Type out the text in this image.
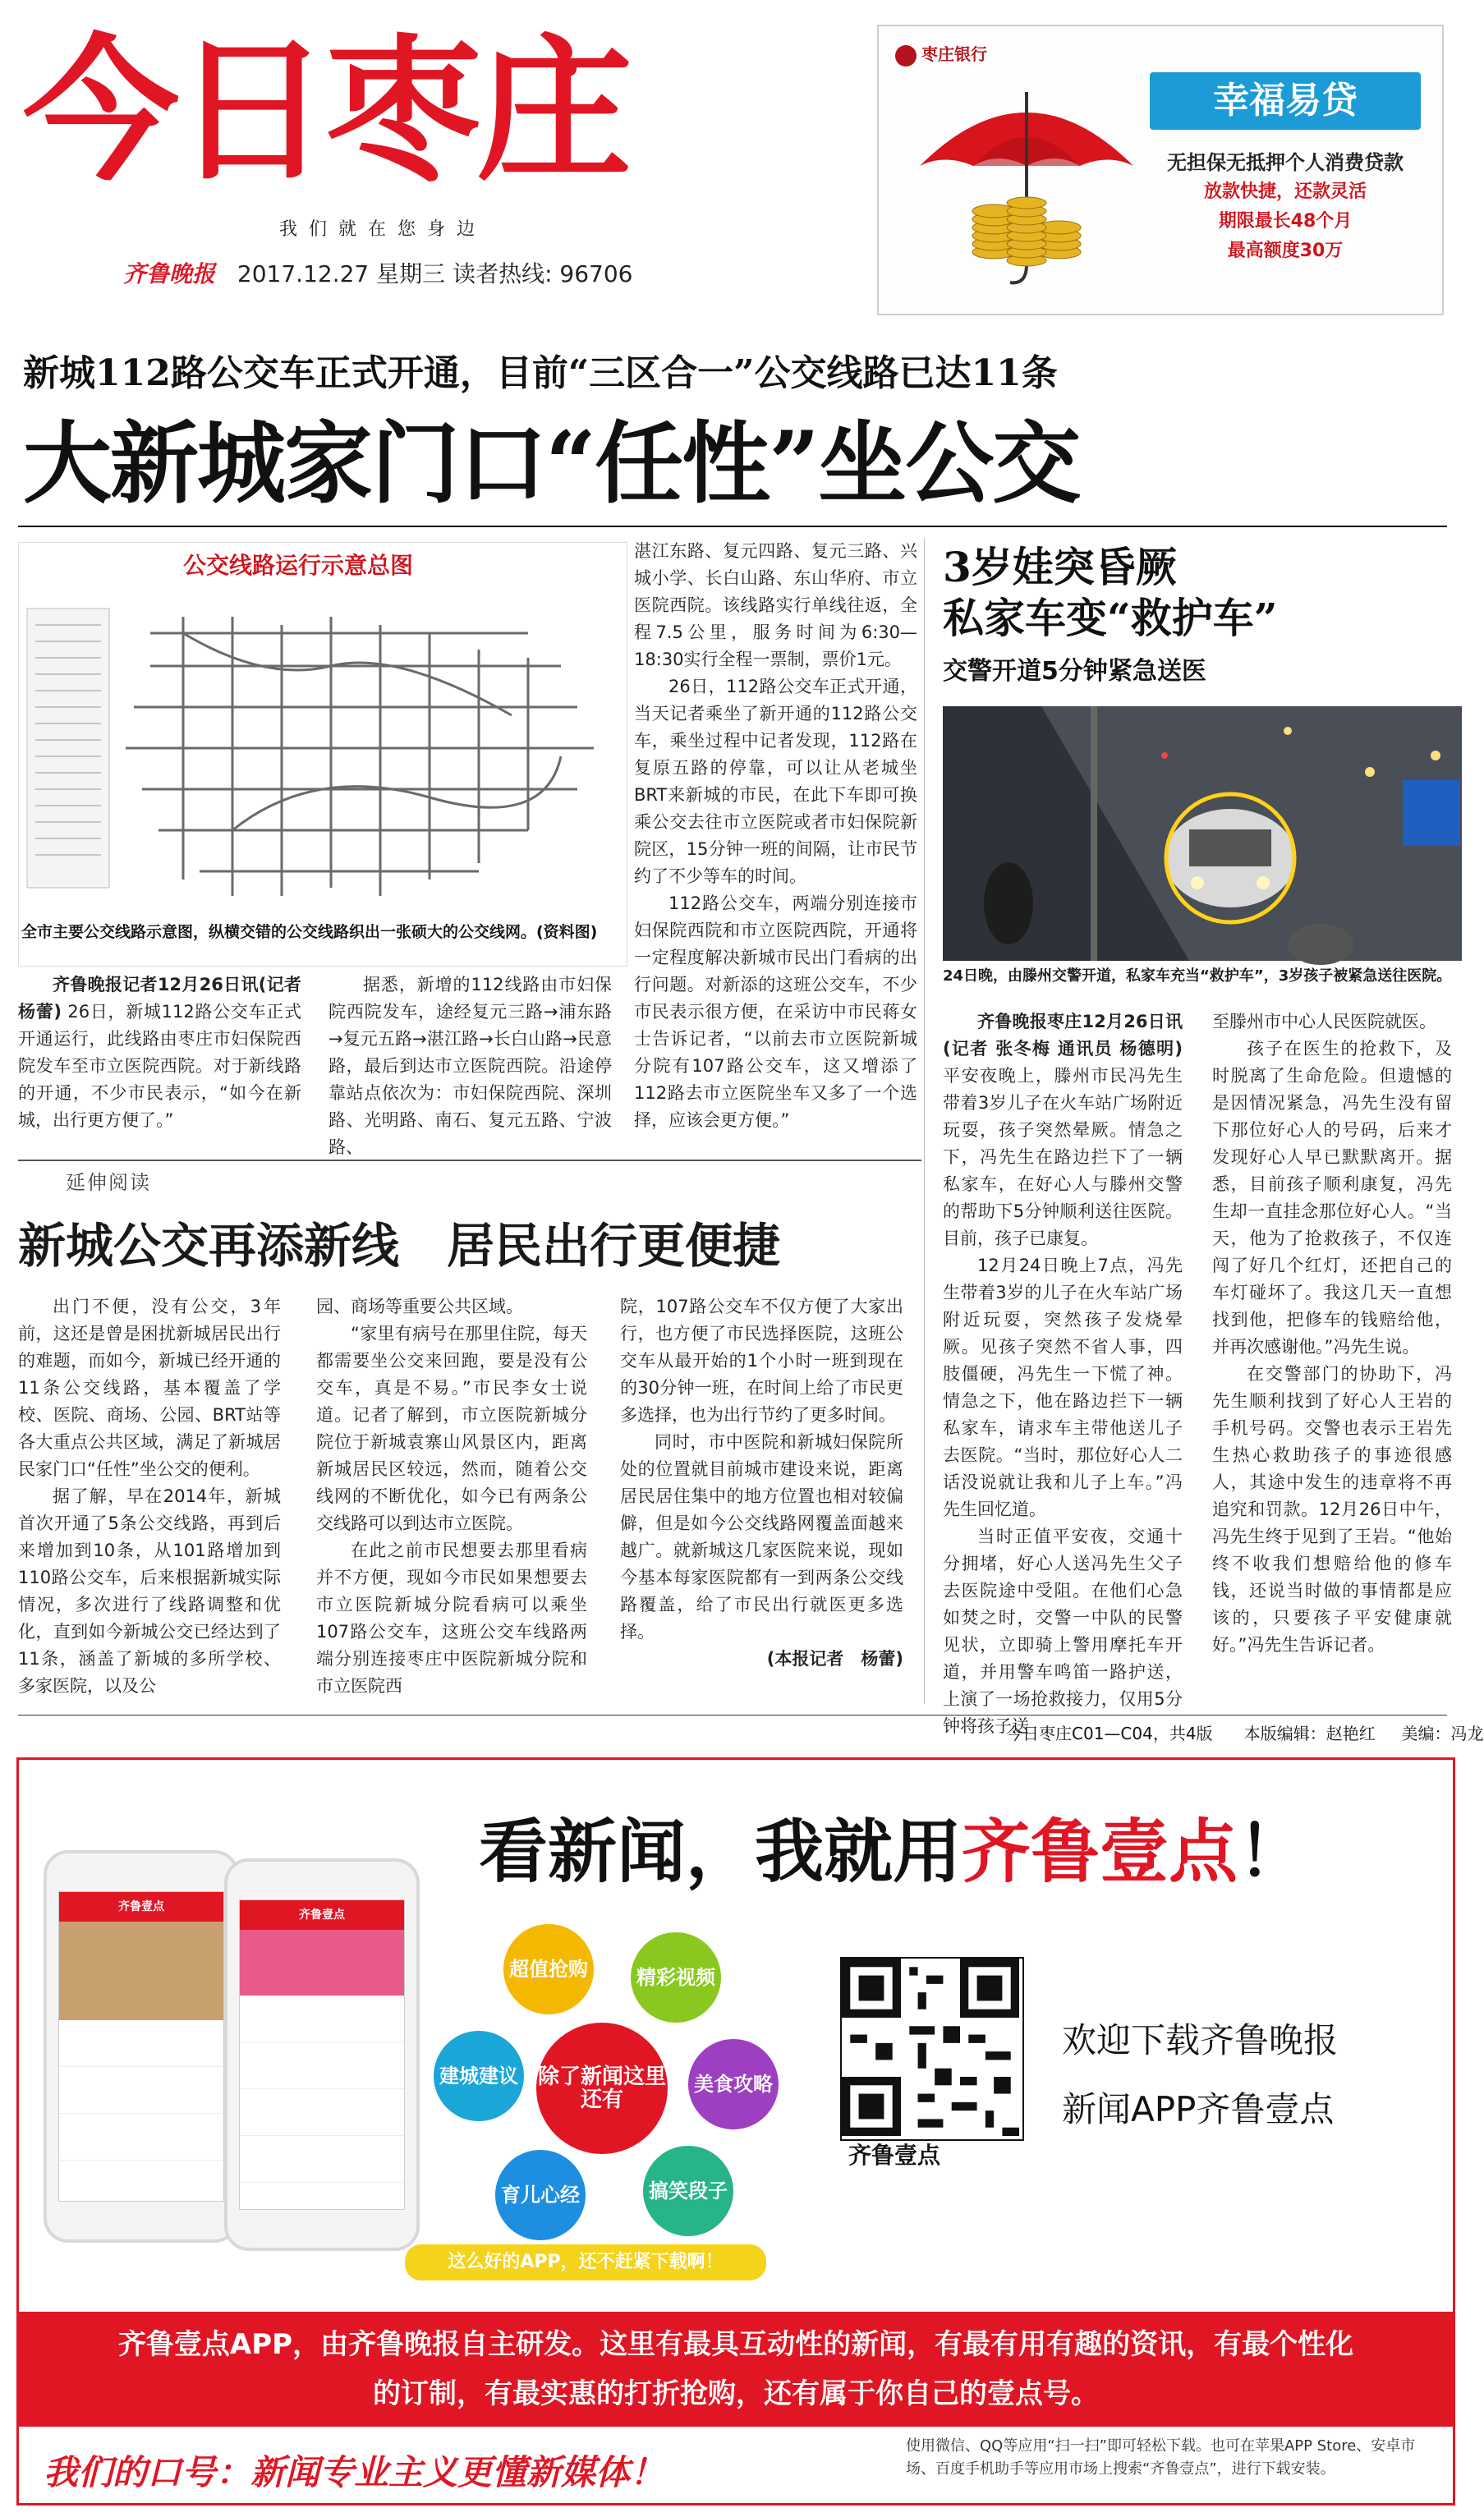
今日枣庄
我们就在您身边
齐鲁晚报 2017.12.27 星期三 读者热线: 96706
枣庄银行
幸福易贷
无担保无抵押个人消费贷款
放款快捷，还款灵活
期限最长48个月
最高额度30万
新城112路公交车正式开通，目前“三区合一”公交线路已达11条
大新城家门口“任性”坐公交
公交线路运行示意总图
全市主要公交线路示意图，纵横交错的公交线路织出一张硕大的公交线网。(资料图)

齐鲁晚报记者12月26日讯(记者 杨蕾) 26日，新城112路公交车正式开通运行，此线路由枣庄市妇保院西院发车至市立医院西院。对于新线路的开通，不少市民表示，“如今在新城，出行更方便了。”

据悉，新增的112线路由市妇保院西院发车，途经复元三路→浦东路→复元五路→湛江路→长白山路→民意路，最后到达市立医院西院。沿途停靠站点依次为：市妇保院西院、深圳路、光明路、南石、复元五路、宁波路、

湛江东路、复元四路、复元三路、兴城小学、长白山路、东山华府、市立医院西院。该线路实行单线往返，全程7.5公里，服务时间为6:30—18:30实行全程一票制，票价1元。

26日，112路公交车正式开通，当天记者乘坐了新开通的112路公交车，乘坐过程中记者发现，112路在复原五路的停靠，可以让从老城坐BRT来新城的市民，在此下车即可换乘公交去往市立医院或者市妇保院新院区，15分钟一班的间隔，让市民节约了不少等车的时间。

112路公交车，两端分别连接市妇保院西院和市立医院西院，开通将一定程度解决新城市民出门看病的出行问题。对新添的这班公交车，不少市民表示很方便，在采访中市民蒋女士告诉记者，“以前去市立医院新城分院有107路公交车，这又增添了112路去市立医院坐车又多了一个选择，应该会更方便。”

3岁娃突昏厥
私家车变“救护车”
交警开道5分钟紧急送医
24日晚，由滕州交警开道，私家车充当“救护车”，3岁孩子被紧急送往医院。

齐鲁晚报枣庄12月26日讯(记者 张冬梅 通讯员 杨德明)平安夜晚上，滕州市民冯先生带着3岁儿子在火车站广场附近玩耍，孩子突然晕厥。情急之下，冯先生在路边拦下了一辆私家车，在好心人与滕州交警的帮助下5分钟顺利送往医院。目前，孩子已康复。

12月24日晚上7点，冯先生带着3岁的儿子在火车站广场附近玩耍，突然孩子发烧晕厥。见孩子突然不省人事，四肢僵硬，冯先生一下慌了神。情急之下，他在路边拦下一辆私家车，请求车主带他送儿子去医院。“当时，那位好心人二话没说就让我和儿子上车。”冯先生回忆道。

当时正值平安夜，交通十分拥堵，好心人送冯先生父子去医院途中受阻。在他们心急如焚之时，交警一中队的民警见状，立即骑上警用摩托车开道，并用警车鸣笛一路护送，上演了一场抢救接力，仅用5分钟将孩子送

至滕州市中心人民医院就医。

孩子在医生的抢救下，及时脱离了生命危险。但遗憾的是因情况紧急，冯先生没有留下那位好心人的号码，后来才发现好心人早已默默离开。据悉，目前孩子顺利康复，冯先生却一直挂念那位好心人。“当天，他为了抢救孩子，不仅连闯了好几个红灯，还把自己的车灯碰坏了。我这几天一直想找到他，把修车的钱赔给他，并再次感谢他。”冯先生说。

在交警部门的协助下，冯先生顺利找到了好心人王岩的手机号码。交警也表示王岩先生热心救助孩子的事迹很感人，其途中发生的违章将不再追究和罚款。12月26日中午，冯先生终于见到了王岩。“他始终不收我们想赔给他的修车钱，还说当时做的事情都是应该的，只要孩子平安健康就好。”冯先生告诉记者。

延伸阅读
新城公交再添新线　居民出行更便捷

出门不便，没有公交，3年前，这还是曾是困扰新城居民出行的难题，而如今，新城已经开通的11条公交线路，基本覆盖了学校、医院、商场、公园、BRT站等各大重点公共区域，满足了新城居民家门口“任性”坐公交的便利。

据了解，早在2014年，新城首次开通了5条公交线路，再到后来增加到10条，从101路增加到110路公交车，后来根据新城实际情况，多次进行了线路调整和优化，直到如今新城公交已经达到了11条，涵盖了新城的多所学校、多家医院，以及公

园、商场等重要公共区域。

“家里有病号在那里住院，每天都需要坐公交来回跑，要是没有公交车，真是不易。”市民李女士说道。记者了解到，市立医院新城分院位于新城袁寨山风景区内，距离新城居民区较远，然而，随着公交线网的不断优化，如今已有两条公交线路可以到达市立医院。

在此之前市民想要去那里看病并不方便，现如今市民如果想要去市立医院新城分院看病可以乘坐107路公交车，这班公交车线路两端分别连接枣庄中医院新城分院和市立医院西

院，107路公交车不仅方便了大家出行，也方便了市民选择医院，这班公交车从最开始的1个小时一班到现在的30分钟一班，在时间上给了市民更多选择，也为出行节约了更多时间。

同时，市中医院和新城妇保院所处的位置就目前城市建设来说，距离居民居住集中的地方位置也相对较偏僻，但是如今公交线路网覆盖面越来越广。就新城这几家医院来说，现如今基本每家医院都有一到两条公交线路覆盖，给了市民出行就医更多选择。

(本报记者　杨蕾)

今日枣庄C01—C04，共4版 本版编辑：赵艳红 美编：冯龙
看新闻，我就用齐鲁壹点！
齐鲁壹点
齐鲁壹点
超值抢购 精彩视频
建城建议 除了新闻这里还有
美食攻略
育儿心经	搞笑段子
这么好的APP，还不赶紧下载啊！
齐鲁壹点
欢迎下载齐鲁晚报
新闻APP齐鲁壹点
齐鲁壹点APP，由齐鲁晚报自主研发。这里有最具互动性的新闻，有最有用有趣的资讯，有最个性化
的订制，有最实惠的打折抢购，还有属于你自己的壹点号。
我们的口号：新闻专业主义更懂新媒体！
使用微信、QQ等应用“扫一扫”即可轻松下载。也可在苹果APP Store、安卓市场、百度手机助手等应用市场上搜索“齐鲁壹点”，进行下载安装。
